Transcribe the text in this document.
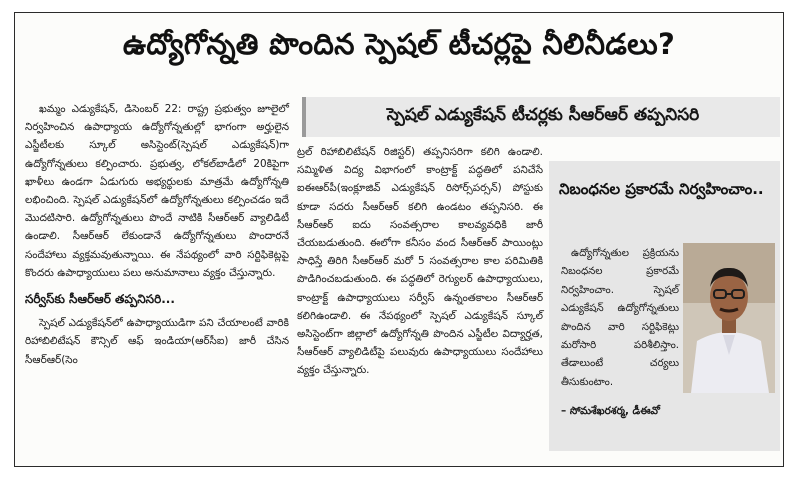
ఉద్యోగోన్నతి పొందిన స్పెషల్ టీచర్లపై నీలినీడలు?
స్పెషల్ ఎడ్యుకేషన్ టీచర్లకు సీఆర్ఆర్ తప్పనిసరి

ఖమ్మం ఎడ్యుకేషన్, డిసెంబర్ 22: రాష్ట్ర ప్రభుత్వం జూలైలో నిర్వహించిన ఉపాధ్యాయ ఉద్యోగోన్నతుల్లో భాగంగా అర్హులైన ఎస్జీటీలకు స్కూల్ అసిస్టెంట్(స్పెషల్ ఎడ్యుకేషన్)గా ఉద్యోగోన్నతులు కల్పించారు. ప్రభుత్వ, లోకల్‌బాడీలో 20కిపైగా ఖాళీలు ఉండగా ఏడుగురు అభ్యర్థులకు మాత్రమే ఉద్యోగోన్నతి లభించింది. స్పెషల్ ఎడ్యుకేషన్‌లో ఉద్యోగోన్నతులు కల్పించడం ఇదే మొదటిసారి. ఉద్యోగోన్నతులు పొందే నాటికి సీఆర్ఆర్ వ్యాలిడిటీ ఉండాలి. సీఆర్ఆర్ లేకుండానే ఉద్యోగోన్నతులు పొందారనే సందేహాలు వ్యక్తమవుతున్నాయి. ఈ నేపథ్యంలో వారి సర్టిఫికెట్లపై కొందరు ఉపాధ్యాయులు పలు అనుమానాలు వ్యక్తం చేస్తున్నారు.

సర్వీస్‌కు సీఆర్ఆర్ తప్పనిసరి...

స్పెషల్ ఎడ్యుకేషన్‌లో ఉపాధ్యాయుడిగా పని చేయాలంటే వారికి రిహాబిలిటేషన్ కౌన్సిల్ ఆఫ్ ఇండియా(ఆర్‌సీఐ) జారీ చేసిన సీఆర్ఆర్(సెం

ట్రల్ రిహాబిలిటేషన్ రిజిస్టర్) తప్పనిసరిగా కలిగి ఉండాలి. సమ్మిళిత విద్య విభాగంలో కాంట్రాక్ట్ పద్ధతిలో పనిచేసే ఐఈఆర్‌పీ(ఇంక్లూజివ్ ఎడ్యుకేషన్ రిసోర్స్‌పర్సన్) పోస్టుకు కూడా సదరు సీఆర్ఆర్ కలిగి ఉండటం తప్పనిసరి. ఈ సీఆర్ఆర్ ఐదు సంవత్సరాల కాలవ్యవధికి జారీ చేయబడుతుంది. ఈలోగా కనీసం వంద సీఆర్ఆర్ పాయింట్లు సాధిస్తే తిరిగి సీఆర్ఆర్ మరో 5 సంవత్సరాల కాల పరిమితికి పొడిగించబడుతుంది. ఈ పద్ధతిలో రెగ్యులర్ ఉపాధ్యాయులు, కాంట్రాక్ట్ ఉపాధ్యాయులు సర్వీస్ ఉన్నంతకాలం సీఆర్ఆర్ కలిగిఉండాలి. ఈ నేపథ్యంలో స్పెషల్ ఎడ్యుకేషన్ స్కూల్ అసిస్టెంట్‌గా జిల్లాలో ఉద్యోగోన్నతి పొందిన ఎస్జీటీల విద్యార్హత, సీఆర్ఆర్ వ్యాలిడిటీపై పలువురు ఉపాధ్యాయులు సందేహాలు వ్యక్తం చేస్తున్నారు.

నిబంధనల ప్రకారమే నిర్వహించాం..

ఉద్యోగోన్నతుల ప్రక్రియను నిబంధనల ప్రకారమే నిర్వహించాం. స్పెషల్ ఎడ్యుకేషన్ ఉద్యోగోన్నతులు పొందిన వారి సర్టిఫికెట్లు మరోసారి పరిశీలిస్తాం. తేడాలుంటే చర్యలు తీసుకుంటాం.

– సోమశేఖరశర్మ, డీఈవో
